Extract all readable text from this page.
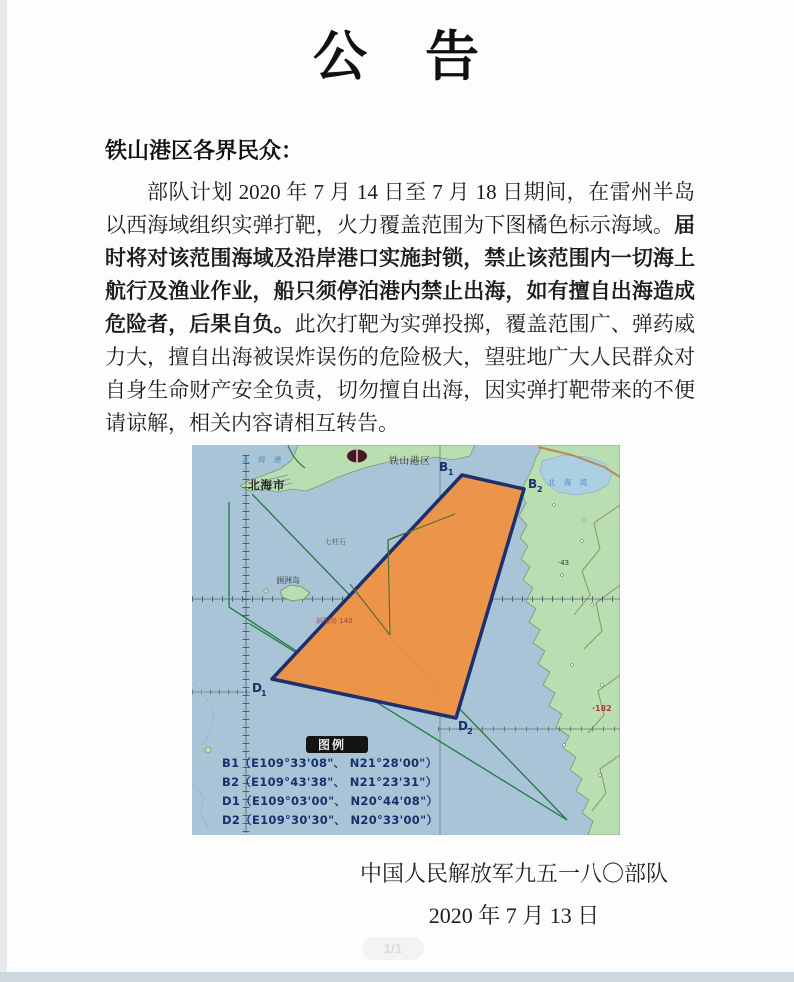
公　告
铁山港区各界民众：

部队计划 2020 年 7 月 14 日至 7 月 18 日期间，在雷州半岛以西海域组织实弹打靶，火力覆盖范围为下图橘色标示海域。届时将对该范围海域及沿岸港口实施封锁，禁止该范围内一切海上航行及渔业作业，船只须停泊港内禁止出海，如有擅自出海造成危险者，后果自负。此次打靶为实弹投掷，覆盖范围广、弹药威力大，擅自出海被误炸误伤的危险极大，望驻地广大人民群众对自身生命财产安全负责，切勿擅自出海，因实弹打靶带来的不便请谅解，相关内容请相互转告。

北 海 港
北海市
铁山港区
北 海 湾
七柱石
涠洲岛
斜阳岛 140
·43
·182
B 1
B 2
D 1
D 2
图例
B1（E109°33'08"、 N21°28'00"）
B2（E109°43'38"、 N21°23'31"）
D1（E109°03'00"、 N20°44'08"）
D2（E109°30'30"、 N20°33'00"）
中国人民解放军九五一八〇部队
2020 年 7 月 13 日
1/1
